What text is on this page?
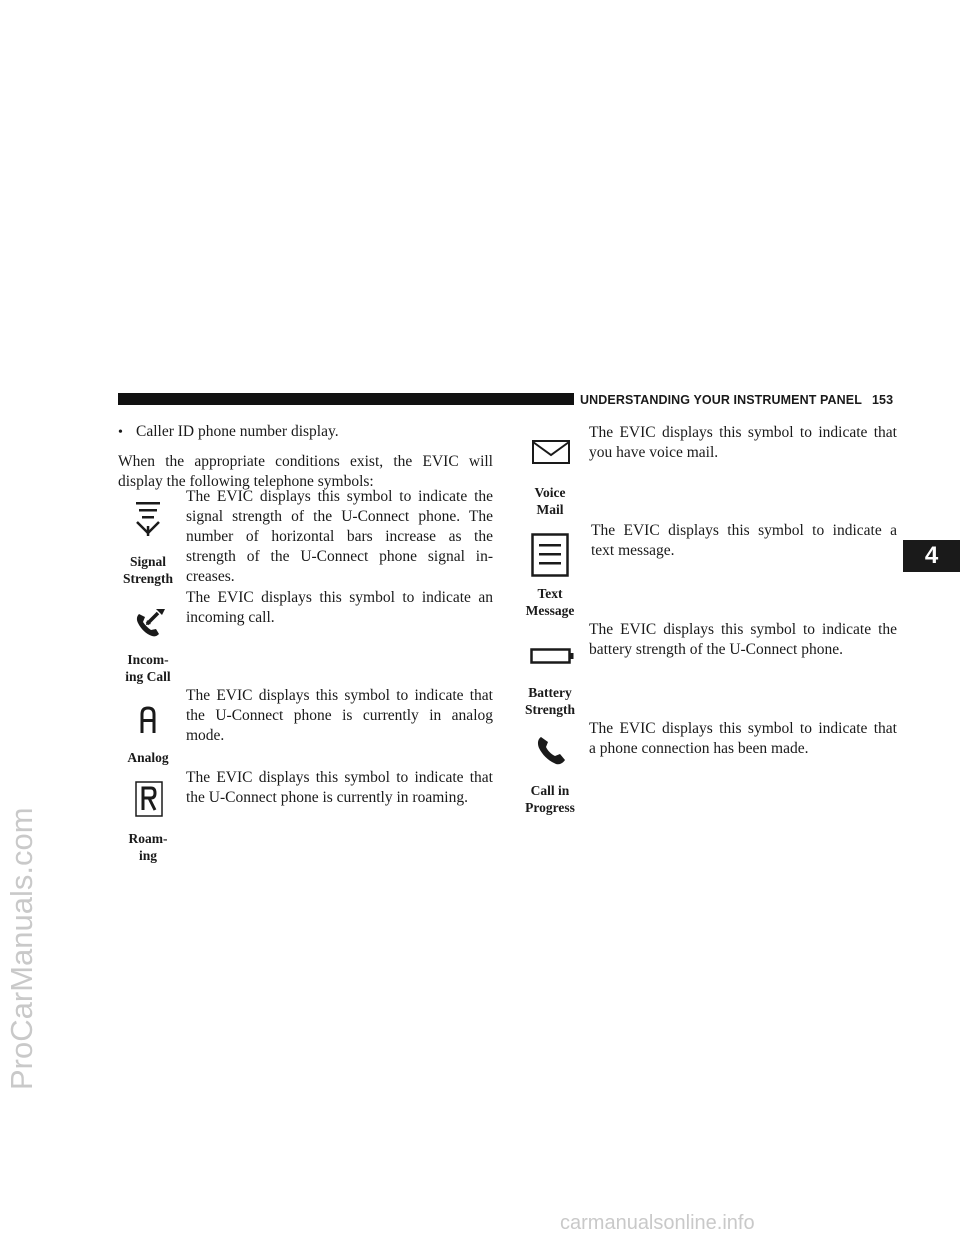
UNDERSTANDING YOUR INSTRUMENT PANEL 153
4
• Caller ID phone number display.
When the appropriate conditions exist, the EVIC will display the following telephone symbols:
Signal
Strength
The EVIC displays this symbol to indicate the
signal strength of the U-Connect phone. The
number of horizontal bars increase as the
strength of the U-Connect phone signal in-
creases.
Incom-
ing Call
The EVIC displays this symbol to indicate an
incoming call.
Analog
The EVIC displays this symbol to indicate that
the U-Connect phone is currently in analog
mode.
Roam-
ing
The EVIC displays this symbol to indicate that
the U-Connect phone is currently in roaming.
Voice
Mail
The EVIC displays this symbol to indicate that
you have voice mail.
Text
Message
The EVIC displays this symbol to indicate a
text message.
Battery
Strength
The EVIC displays this symbol to indicate the
battery strength of the U-Connect phone.
Call in
Progress
The EVIC displays this symbol to indicate that
a phone connection has been made.
ProCarManuals.com
carmanualsonline.info
